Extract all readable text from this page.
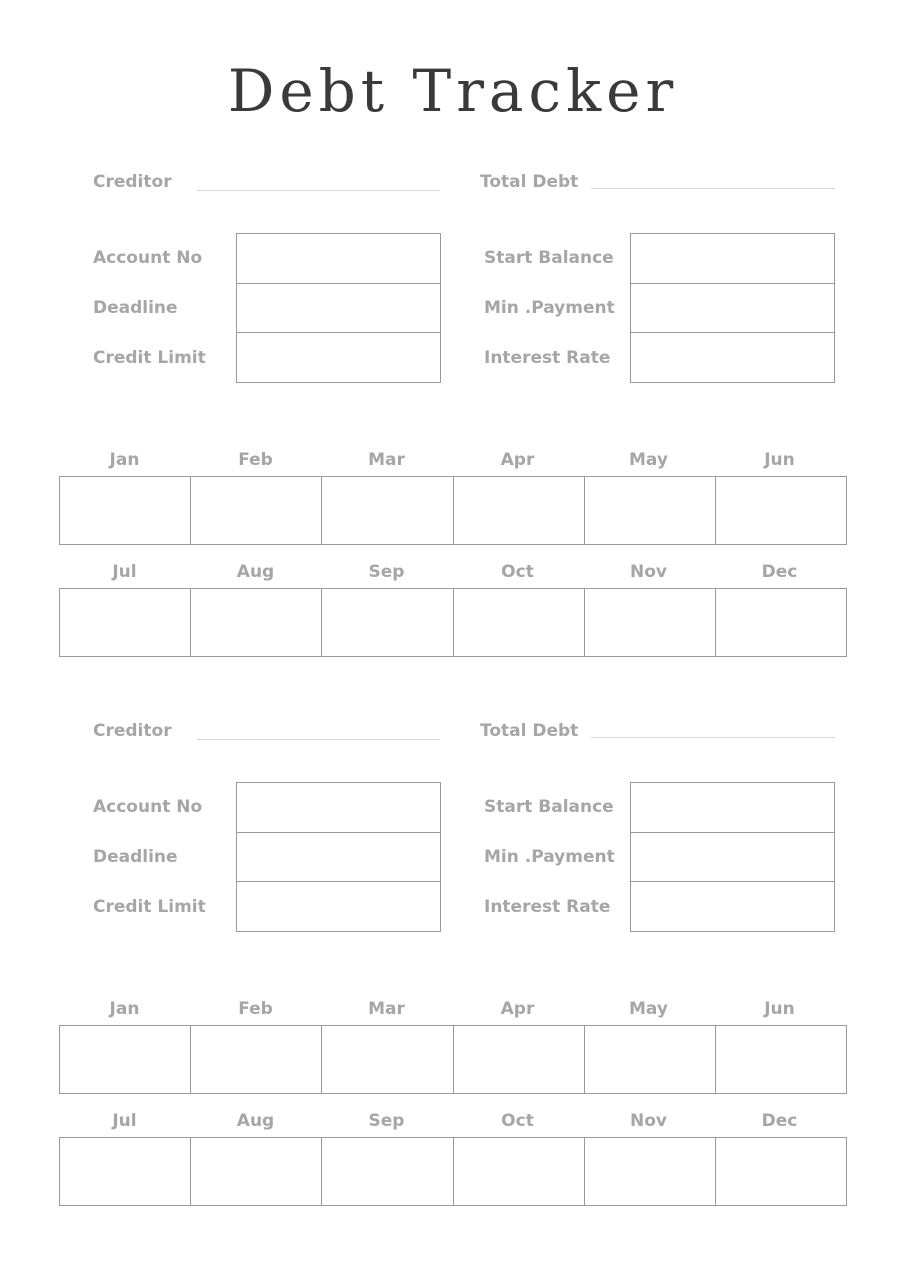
Debt Tracker
Creditor	Total Debt
Account No	Start Balance
Deadline	Min .Payment
Credit Limit	Interest Rate
Jan	Feb	Mar	Apr	May	Jun
Jul	Aug	Sep	Oct	Nov	Dec
Creditor	Total Debt
Account No	Start Balance
Deadline	Min .Payment
Credit Limit	Interest Rate
Jan	Feb	Mar	Apr	May	Jun
Jul	Aug	Sep	Oct	Nov	Dec
